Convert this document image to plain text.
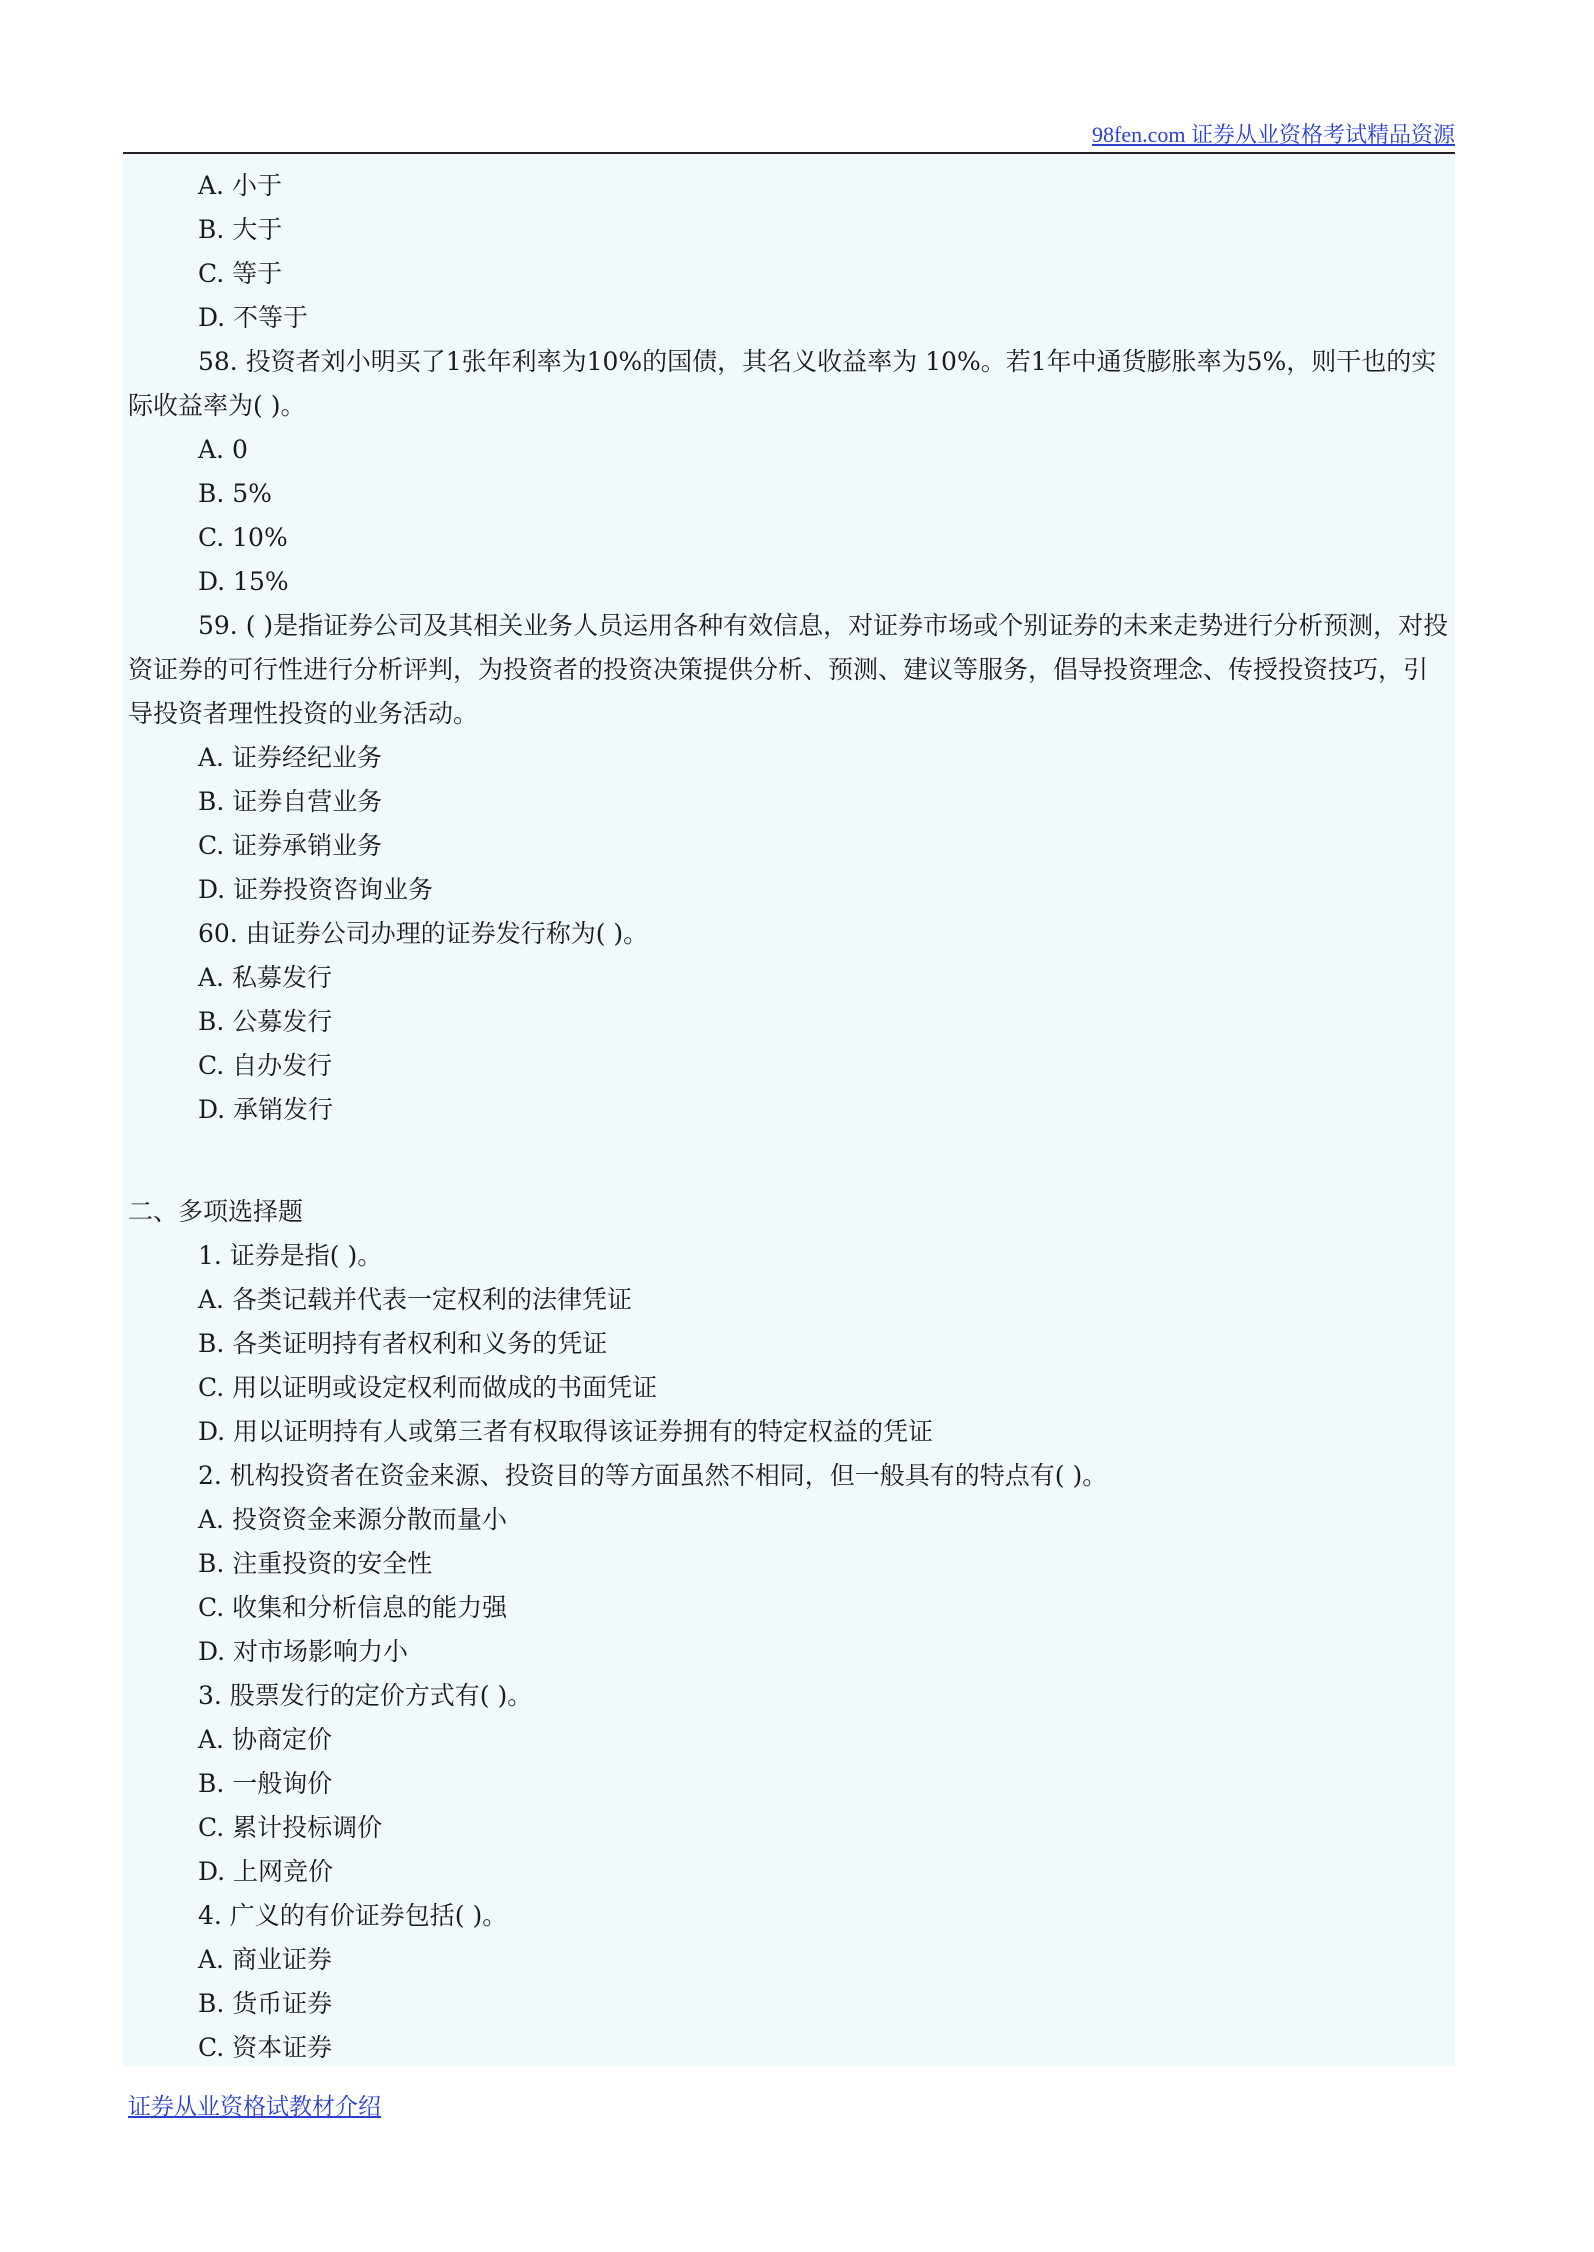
98fen.com 证券从业资格考试精品资源
A. 小于
B. 大于
C. 等于
D. 不等于

58. 投资者刘小明买了1张年利率为10%的国债，其名义收益率为 10%。若1年中通货膨胀率为5%，则干也的实际收益率为( )。

A. 0
B. 5%
C. 10%
D. 15%

59. ( )是指证券公司及其相关业务人员运用各种有效信息，对证券市场或个别证券的未来走势进行分析预测，对投资证券的可行性进行分析评判，为投资者的投资决策提供分析、预测、建议等服务，倡导投资理念、传授投资技巧，引导投资者理性投资的业务活动。

A. 证券经纪业务
B. 证券自营业务
C. 证券承销业务
D. 证券投资咨询业务
60. 由证券公司办理的证券发行称为( )。
A. 私募发行
B. 公募发行
C. 自办发行
D. 承销发行
二、多项选择题
1. 证券是指( )。
A. 各类记载并代表一定权利的法律凭证
B. 各类证明持有者权利和义务的凭证
C. 用以证明或设定权利而做成的书面凭证
D. 用以证明持有人或第三者有权取得该证券拥有的特定权益的凭证
2. 机构投资者在资金来源、投资目的等方面虽然不相同，但一般具有的特点有( )。
A. 投资资金来源分散而量小
B. 注重投资的安全性
C. 收集和分析信息的能力强
D. 对市场影响力小
3. 股票发行的定价方式有( )。
A. 协商定价
B. 一般询价
C. 累计投标调价
D. 上网竞价
4. 广义的有价证券包括( )。
A. 商业证券
B. 货币证券
C. 资本证券
证券从业资格试教材介绍
